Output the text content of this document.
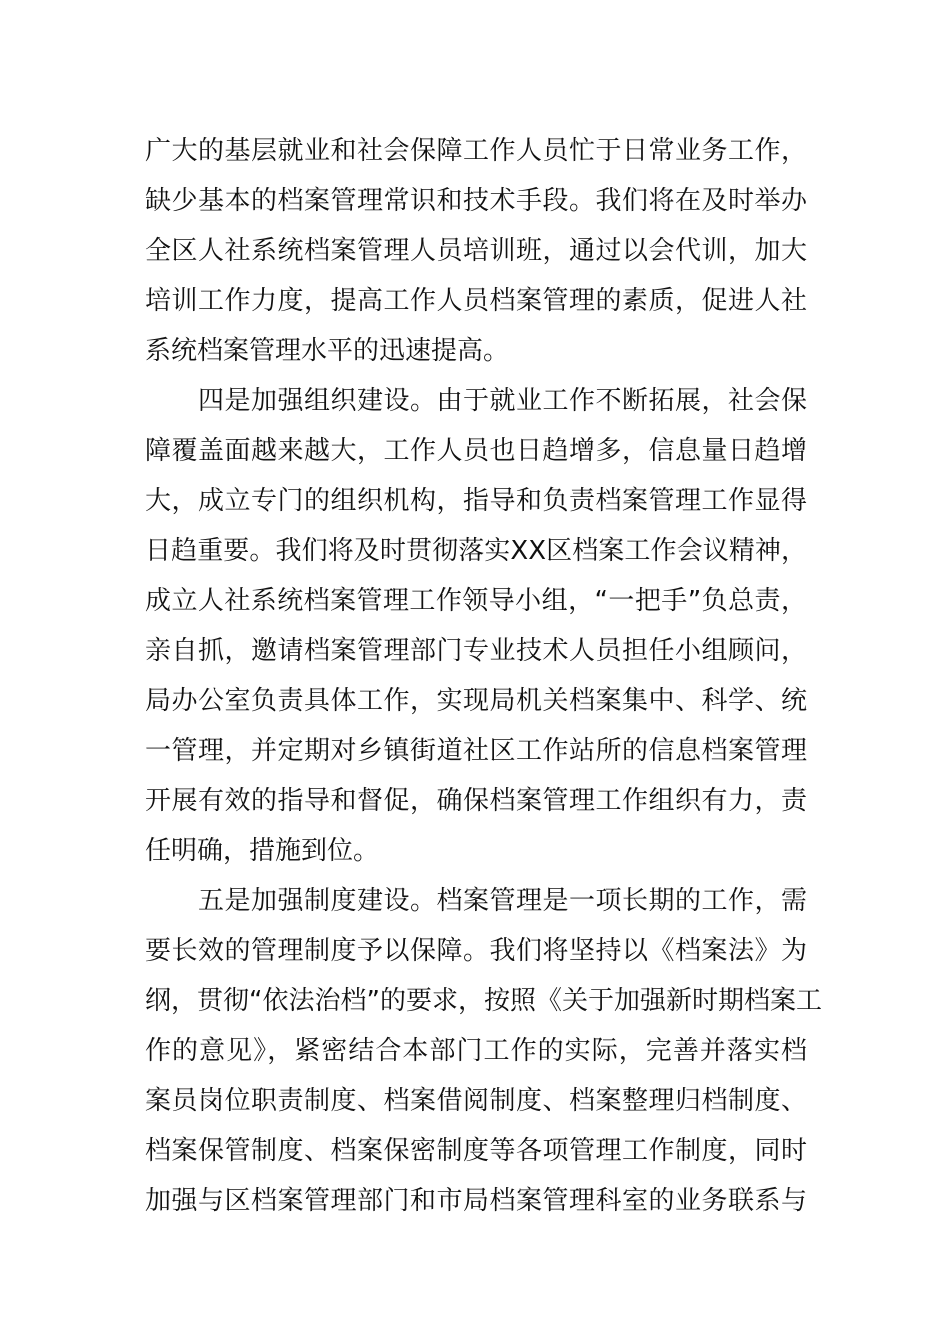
广大的基层就业和社会保障工作人员忙于日常业务工作，
缺少基本的档案管理常识和技术手段。我们将在及时举办
全区人社系统档案管理人员培训班，通过以会代训，加大
培训工作力度，提高工作人员档案管理的素质，促进人社
系统档案管理水平的迅速提高。
　　四是加强组织建设。由于就业工作不断拓展，社会保
障覆盖面越来越大，工作人员也日趋增多，信息量日趋增
大，成立专门的组织机构，指导和负责档案管理工作显得
日趋重要。我们将及时贯彻落实XX区档案工作会议精神，
成立人社系统档案管理工作领导小组，“一把手”负总责，
亲自抓，邀请档案管理部门专业技术人员担任小组顾问，
局办公室负责具体工作，实现局机关档案集中、科学、统
一管理，并定期对乡镇街道社区工作站所的信息档案管理
开展有效的指导和督促，确保档案管理工作组织有力，责
任明确，措施到位。
　　五是加强制度建设。档案管理是一项长期的工作，需
要长效的管理制度予以保障。我们将坚持以《档案法》为
纲，贯彻“依法治档”的要求，按照《关于加强新时期档案工
作的意见》，紧密结合本部门工作的实际，完善并落实档
案员岗位职责制度、档案借阅制度、档案整理归档制度、
档案保管制度、档案保密制度等各项管理工作制度，同时
加强与区档案管理部门和市局档案管理科室的业务联系与
